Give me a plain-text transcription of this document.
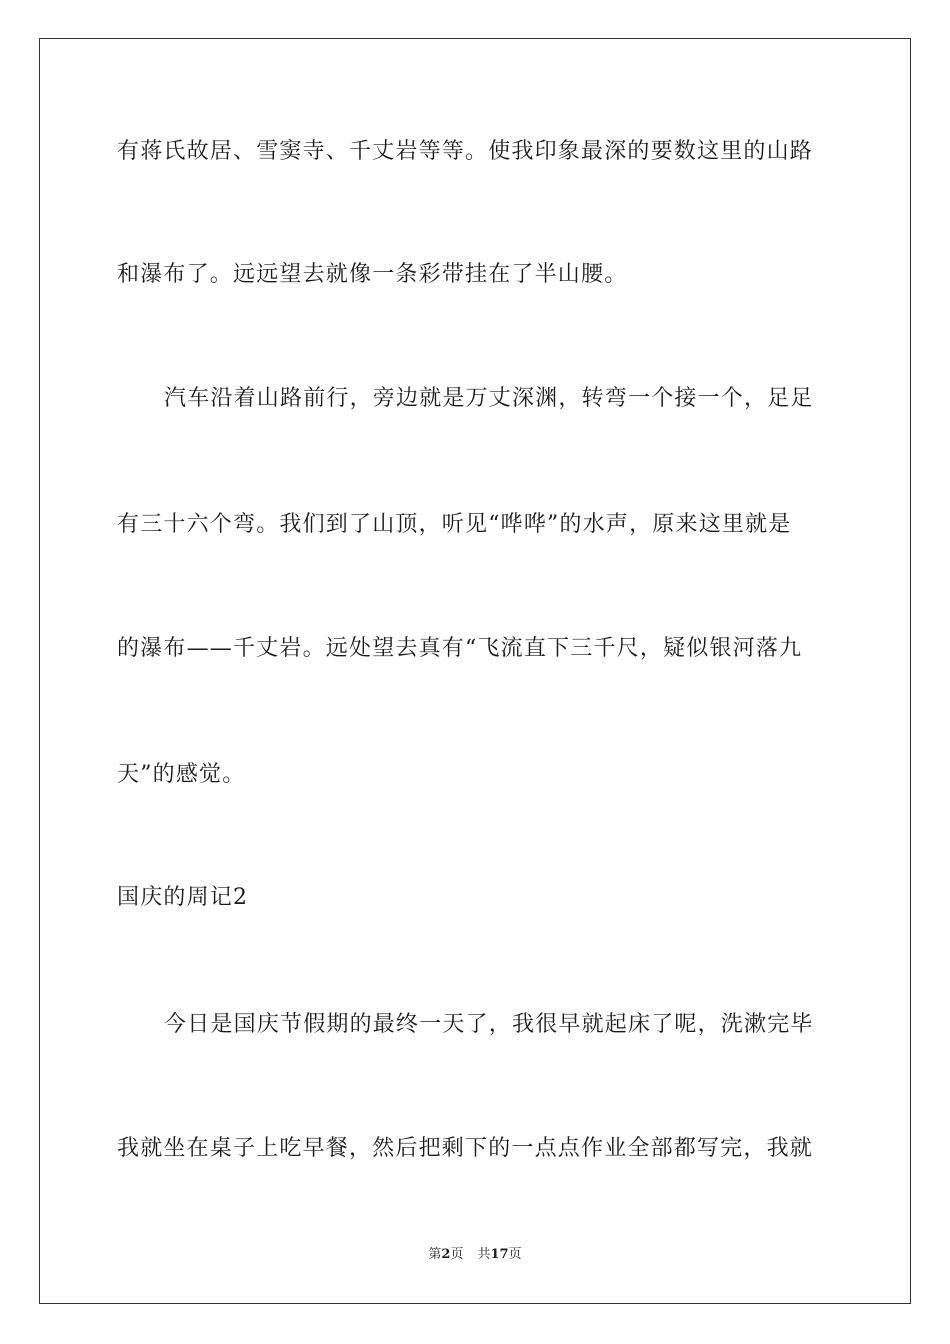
有蒋氏故居、雪窦寺、千丈岩等等。使我印象最深的要数这里的山路
和瀑布了。远远望去就像一条彩带挂在了半山腰。
汽车沿着山路前行，旁边就是万丈深渊，转弯一个接一个，足足
有三十六个弯。我们到了山顶，听见“哗哗”的水声，原来这里就是
的瀑布——千丈岩。远处望去真有“飞流直下三千尺，疑似银河落九
天”的感觉。
国庆的周记2
今日是国庆节假期的最终一天了，我很早就起床了呢，洗漱完毕
我就坐在桌子上吃早餐，然后把剩下的一点点作业全部都写完，我就
第2页 共17页
